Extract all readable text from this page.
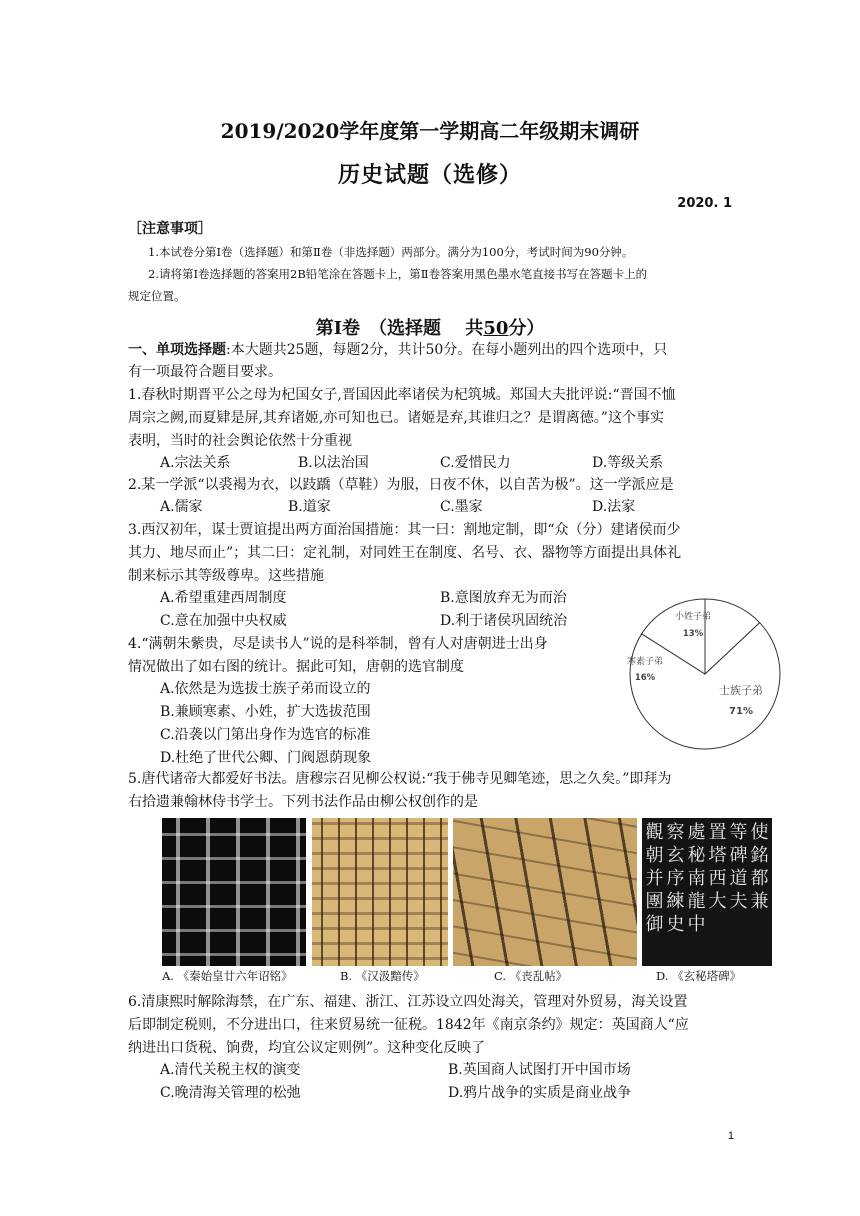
2019/2020学年度第一学期高二年级期末调研
历史试题（选修）
2020. 1
［注意事项］
1.本试卷分第Ⅰ卷（选择题）和第Ⅱ卷（非选择题）两部分。满分为100分，考试时间为90分钟。
2.请将第Ⅰ卷选择题的答案用2B铅笔涂在答题卡上，第Ⅱ卷答案用黑色墨水笔直接书写在答题卡上的
规定位置。
第Ⅰ卷　（选择题　 共50分）
一、单项选择题:本大题共25题，每题2分，共计50分。在每小题列出的四个选项中，只
有一项最符合题目要求。
1.春秋时期晋平公之母为杞国女子,晋国因此率诸侯为杞筑城。郑国大夫批评说:“晋国不恤
周宗之阙,而夏肄是屏,其弃诸姬,亦可知也已。诸姬是弃,其谁归之？是谓离德。”这个事实
表明，当时的社会舆论依然十分重视
A.宗法关系	B.以法治国	C.爱惜民力	D.等级关系
2.某一学派“以裘褐为衣，以跂蹻（草鞋）为服，日夜不休，以自苦为极”。这一学派应是
A.儒家	B.道家	C.墨家	D.法家
3.西汉初年，谋士贾谊提出两方面治国措施：其一曰：割地定制，即“众（分）建诸侯而少
其力、地尽而止”；其二曰：定礼制，对同姓王在制度、名号、衣、器物等方面提出具体礼
制来标示其等级尊卑。这些措施
A.希望重建西周制度	B.意图放弃无为而治
C.意在加强中央权威	D.利于诸侯巩固统治
4.“满朝朱紫贵，尽是读书人”说的是科举制，曾有人对唐朝进士出身
情况做出了如右图的统计。据此可知，唐朝的选官制度
A.依然是为选拔士族子弟而设立的
B.兼顾寒素、小姓，扩大选拔范围
C.沿袭以门第出身作为选官的标准
D.杜绝了世代公卿、门阀恩荫现象
士族子弟
71%
寒素子弟
16%
小姓子弟
13%
5.唐代诸帝大都爱好书法。唐穆宗召见柳公权说:“我于佛寺见卿笔迹，思之久矣。”即拜为
右拾遗兼翰林侍书学士。下列书法作品由柳公权创作的是
觀 察 處 置 等 使
朝 玄 秘 塔 碑 銘
并 序 南 西 道 都
團 練 龍 大 夫 兼
御 史 中
A. 《秦始皇廿六年诏铭》	B. 《汉汲黯传》	C. 《丧乱帖》	D. 《玄秘塔碑》
6.清康熙时解除海禁，在广东、福建、浙江、江苏设立四处海关，管理对外贸易，海关设置
后即制定税则，不分进出口，往来贸易统一征税。1842年《南京条约》规定：英国商人“应
纳进出口货税、饷费，均宜公议定则例”。这种变化反映了
A.清代关税主权的演变	B.英国商人试图打开中国市场
C.晚清海关管理的松弛	D.鸦片战争的实质是商业战争
1
